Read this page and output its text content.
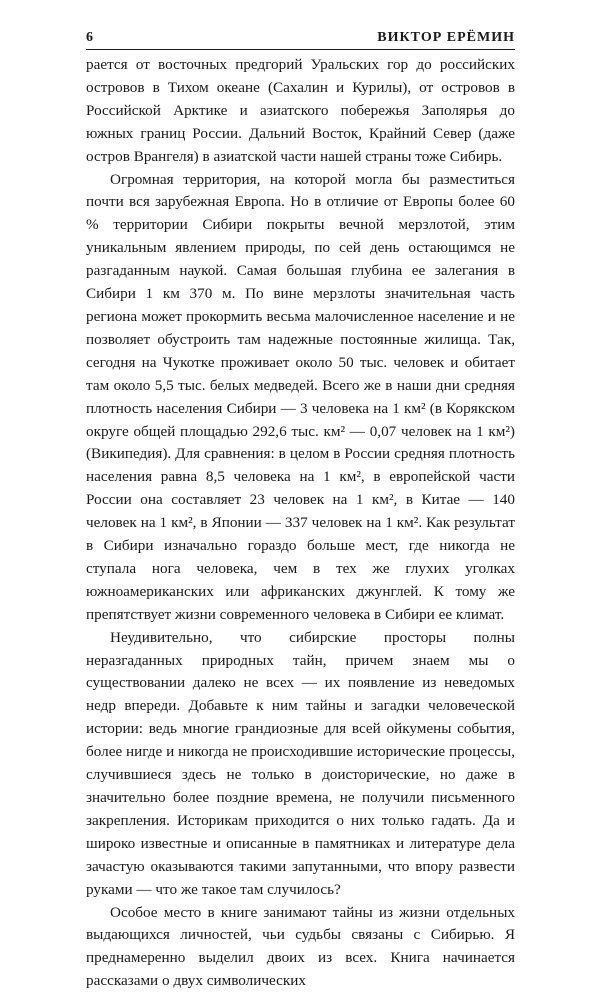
6	ВИКТОР ЕРЁМИН

рается от восточных предгорий Уральских гор до российских островов в Тихом океане (Сахалин и Курилы), от островов в Российской Арктике и азиатского побережья Заполярья до южных границ России. Дальний Восток, Крайний Север (даже остров Врангеля) в азиатской части нашей страны тоже Сибирь.

Огромная территория, на которой могла бы разместиться почти вся зарубежная Европа. Но в отличие от Европы более 60 % территории Сибири покрыты вечной мерзлотой, этим уникальным явлением природы, по сей день остающимся не разгаданным наукой. Самая большая глубина ее залегания в Сибири 1 км 370 м. По вине мерзлоты значительная часть региона может прокормить весьма малочисленное население и не позволяет обустроить там надежные постоянные жилища. Так, сегодня на Чукотке проживает около 50 тыс. человек и обитает там около 5,5 тыс. белых медведей. Всего же в наши дни средняя плотность населения Сибири — 3 человека на 1 км² (в Корякском округе общей площадью 292,6 тыс. км² — 0,07 человек на 1 км²) (Википедия). Для сравнения: в целом в России средняя плотность населения равна 8,5 человека на 1 км², в европейской части России она составляет 23 человек на 1 км², в Китае — 140 человек на 1 км², в Японии — 337 человек на 1 км². Как результат в Сибири изначально гораздо больше мест, где никогда не ступала нога человека, чем в тех же глухих уголках южноамериканских или африканских джунглей. К тому же препятствует жизни современного человека в Сибири ее климат.

Неудивительно, что сибирские просторы полны неразгаданных природных тайн, причем знаем мы о существовании далеко не всех — их появление из неведомых недр впереди. Добавьте к ним тайны и загадки человеческой истории: ведь многие грандиозные для всей ойкумены события, более нигде и никогда не происходившие исторические процессы, случившиеся здесь не только в доисторические, но даже в значительно более поздние времена, не получили письменного закрепления. Историкам приходится о них только гадать. Да и широко известные и описанные в памятниках и литературе дела зачастую оказываются такими запутанными, что впору развести руками — что же такое там случилось?

Особое место в книге занимают тайны из жизни отдельных выдающихся личностей, чьи судьбы связаны с Сибирью. Я преднамеренно выделил двоих из всех. Книга начинается рассказами о двух символических
